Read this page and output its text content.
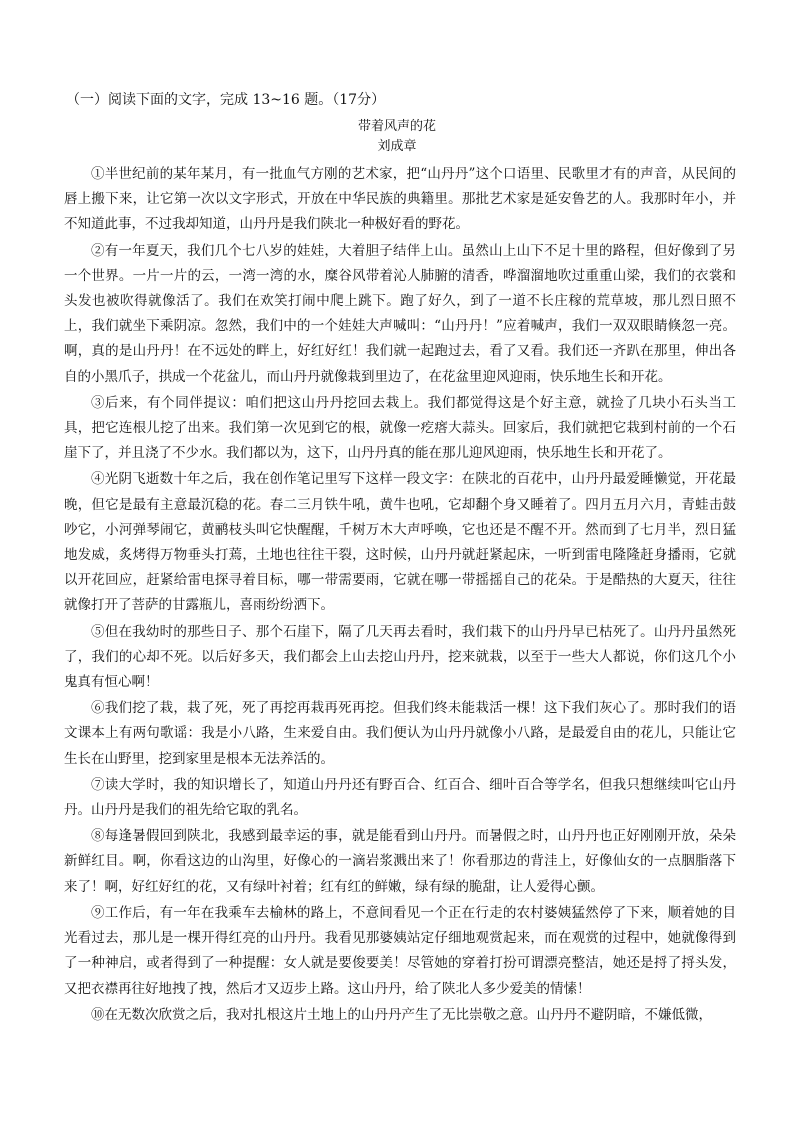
（一）阅读下面的文字，完成 13~16 题。（17分）
带着风声的花
刘成章

①半世纪前的某年某月，有一批血气方刚的艺术家，把“山丹丹”这个口语里、民歌里才有的声音，从民间的唇上搬下来，让它第一次以文字形式，开放在中华民族的典籍里。那批艺术家是延安鲁艺的人。我那时年小，并不知道此事，不过我却知道，山丹丹是我们陕北一种极好看的野花。

②有一年夏天，我们几个七八岁的娃娃，大着胆子结伴上山。虽然山上山下不足十里的路程，但好像到了另一个世界。一片一片的云，一湾一湾的水，糜谷风带着沁人肺腑的清香，哗溜溜地吹过重重山梁，我们的衣裳和头发也被吹得就像活了。我们在欢笑打闹中爬上跳下。跑了好久，到了一道不长庄稼的荒草坡，那儿烈日照不上，我们就坐下乘阴凉。忽然，我们中的一个娃娃大声喊叫：“山丹丹！”应着喊声，我们一双双眼睛倏忽一亮。啊，真的是山丹丹！在不远处的畔上，好红好红！我们就一起跑过去，看了又看。我们还一齐趴在那里，伸出各自的小黑爪子，拱成一个花盆儿，而山丹丹就像栽到里边了，在花盆里迎风迎雨，快乐地生长和开花。

③后来，有个同伴提议：咱们把这山丹丹挖回去栽上。我们都觉得这是个好主意，就捡了几块小石头当工具，把它连根儿挖了出来。我们第一次见到它的根，就像一疙瘩大蒜头。回家后，我们就把它栽到村前的一个石崖下了，并且浇了不少水。我们都以为，这下，山丹丹真的能在那儿迎风迎雨，快乐地生长和开花了。

④光阴飞逝数十年之后，我在创作笔记里写下这样一段文字：在陕北的百花中，山丹丹最爱睡懒觉，开花最晚，但它是最有主意最沉稳的花。春二三月铁牛吼，黄牛也吼，它却翻个身又睡着了。四月五月六月，青蛙击鼓吵它，小河弹琴闹它，黄鹂枝头叫它快醒醒，千树万木大声呼唤，它也还是不醒不开。然而到了七月半，烈日猛地发威，炙烤得万物垂头打蔫，土地也往往干裂，这时候，山丹丹就赶紧起床，一听到雷电隆隆赶身播雨，它就以开花回应，赶紧给雷电探寻着目标，哪一带需要雨，它就在哪一带摇摇自己的花朵。于是酷热的大夏天，往往就像打开了菩萨的甘露瓶儿，喜雨纷纷洒下。

⑤但在我幼时的那些日子、那个石崖下，隔了几天再去看时，我们栽下的山丹丹早已枯死了。山丹丹虽然死了，我们的心却不死。以后好多天，我们都会上山去挖山丹丹，挖来就栽，以至于一些大人都说，你们这几个小鬼真有恒心啊！

⑥我们挖了栽，栽了死，死了再挖再栽再死再挖。但我们终未能栽活一棵！这下我们灰心了。那时我们的语文课本上有两句歌谣：我是小八路，生来爱自由。我们便认为山丹丹就像小八路，是最爱自由的花儿，只能让它生长在山野里，挖到家里是根本无法养活的。

⑦读大学时，我的知识增长了，知道山丹丹还有野百合、红百合、细叶百合等学名，但我只想继续叫它山丹丹。山丹丹是我们的祖先给它取的乳名。

⑧每逢暑假回到陕北，我感到最幸运的事，就是能看到山丹丹。而暑假之时，山丹丹也正好刚刚开放，朵朵新鲜红目。啊，你看这边的山沟里，好像心的一滴岩浆溅出来了！你看那边的背洼上，好像仙女的一点胭脂落下来了！啊，好红好红的花，又有绿叶衬着；红有红的鲜嫩，绿有绿的脆甜，让人爱得心颤。

⑨工作后，有一年在我乘车去榆林的路上，不意间看见一个正在行走的农村婆姨猛然停了下来，顺着她的目光看过去，那儿是一棵开得红亮的山丹丹。我看见那婆姨站定仔细地观赏起来，而在观赏的过程中，她就像得到了一种神启，或者得到了一种提醒：女人就是要俊要美！尽管她的穿着打扮可谓漂亮整洁，她还是捋了捋头发，又把衣襟再往好地拽了拽，然后才又迈步上路。这山丹丹，给了陕北人多少爱美的情愫！

⑩在无数次欣赏之后，我对扎根这片土地上的山丹丹产生了无比崇敬之意。山丹丹不避阴暗，不嫌低微，
